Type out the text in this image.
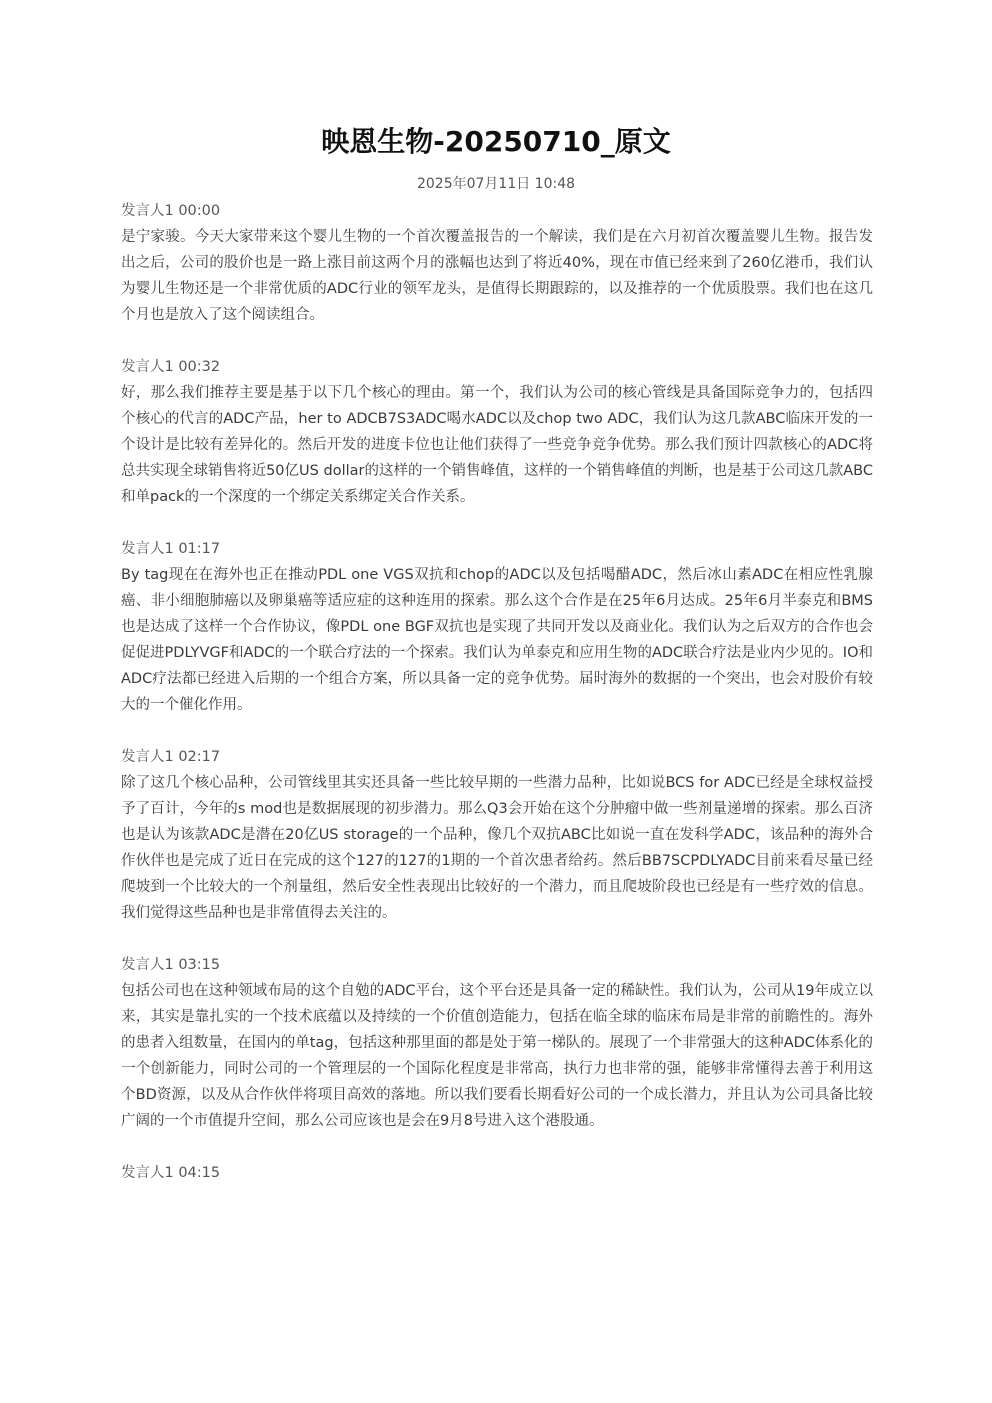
映恩生物-20250710_原文
2025年07月11日 10:48
发言人1 00:00

是宁家骏。今天大家带来这个婴儿生物的一个首次覆盖报告的一个解读，我们是在六月初首次覆盖婴儿生物。报告发出之后，公司的股价也是一路上涨目前这两个月的涨幅也达到了将近40%，现在市值已经来到了260亿港币，我们认为婴儿生物还是一个非常优质的ADC行业的领军龙头，是值得长期跟踪的，以及推荐的一个优质股票。我们也在这几个月也是放入了这个阅读组合。

发言人1 00:32

好，那么我们推荐主要是基于以下几个核心的理由。第一个，我们认为公司的核心管线是具备国际竞争力的，包括四个核心的代言的ADC产品，her to ADCB7S3ADC喝水ADC以及chop two ADC，我们认为这几款ABC临床开发的一个设计是比较有差异化的。然后开发的进度卡位也让他们获得了一些竞争竞争优势。那么我们预计四款核心的ADC将总共实现全球销售将近50亿US dollar的这样的一个销售峰值，这样的一个销售峰值的判断，也是基于公司这几款ABC和单pack的一个深度的一个绑定关系绑定关合作关系。

发言人1 01:17

By tag现在在海外也正在推动PDL one VGS双抗和chop的ADC以及包括喝醋ADC，然后冰山素ADC在相应性乳腺癌、非小细胞肺癌以及卵巢癌等适应症的这种连用的探索。那么这个合作是在25年6月达成。25年6月半泰克和BMS也是达成了这样一个合作协议，像PDL one BGF双抗也是实现了共同开发以及商业化。我们认为之后双方的合作也会促促进PDLYVGF和ADC的一个联合疗法的一个探索。我们认为单泰克和应用生物的ADC联合疗法是业内少见的。IO和ADC疗法都已经进入后期的一个组合方案，所以具备一定的竞争优势。届时海外的数据的一个突出，也会对股价有较大的一个催化作用。

发言人1 02:17

除了这几个核心品种，公司管线里其实还具备一些比较早期的一些潜力品种，比如说BCS for ADC已经是全球权益授予了百计，今年的s mod也是数据展现的初步潜力。那么Q3会开始在这个分肿瘤中做一些剂量递增的探索。那么百济也是认为该款ADC是潜在20亿US storage的一个品种，像几个双抗ABC比如说一直在发科学ADC，该品种的海外合作伙伴也是完成了近日在完成的这个127的127的1期的一个首次患者给药。然后BB7SCPDLYADC目前来看尽量已经爬坡到一个比较大的一个剂量组，然后安全性表现出比较好的一个潜力，而且爬坡阶段也已经是有一些疗效的信息。我们觉得这些品种也是非常值得去关注的。

发言人1 03:15

包括公司也在这种领域布局的这个自勉的ADC平台，这个平台还是具备一定的稀缺性。我们认为，公司从19年成立以来，其实是靠扎实的一个技术底蕴以及持续的一个价值创造能力，包括在临全球的临床布局是非常的前瞻性的。海外的患者入组数量，在国内的单tag，包括这种那里面的都是处于第一梯队的。展现了一个非常强大的这种ADC体系化的一个创新能力，同时公司的一个管理层的一个国际化程度是非常高，执行力也非常的强，能够非常懂得去善于利用这个BD资源，以及从合作伙伴将项目高效的落地。所以我们要看长期看好公司的一个成长潜力，并且认为公司具备比较广阔的一个市值提升空间，那么公司应该也是会在9月8号进入这个港股通。

发言人1 04:15
